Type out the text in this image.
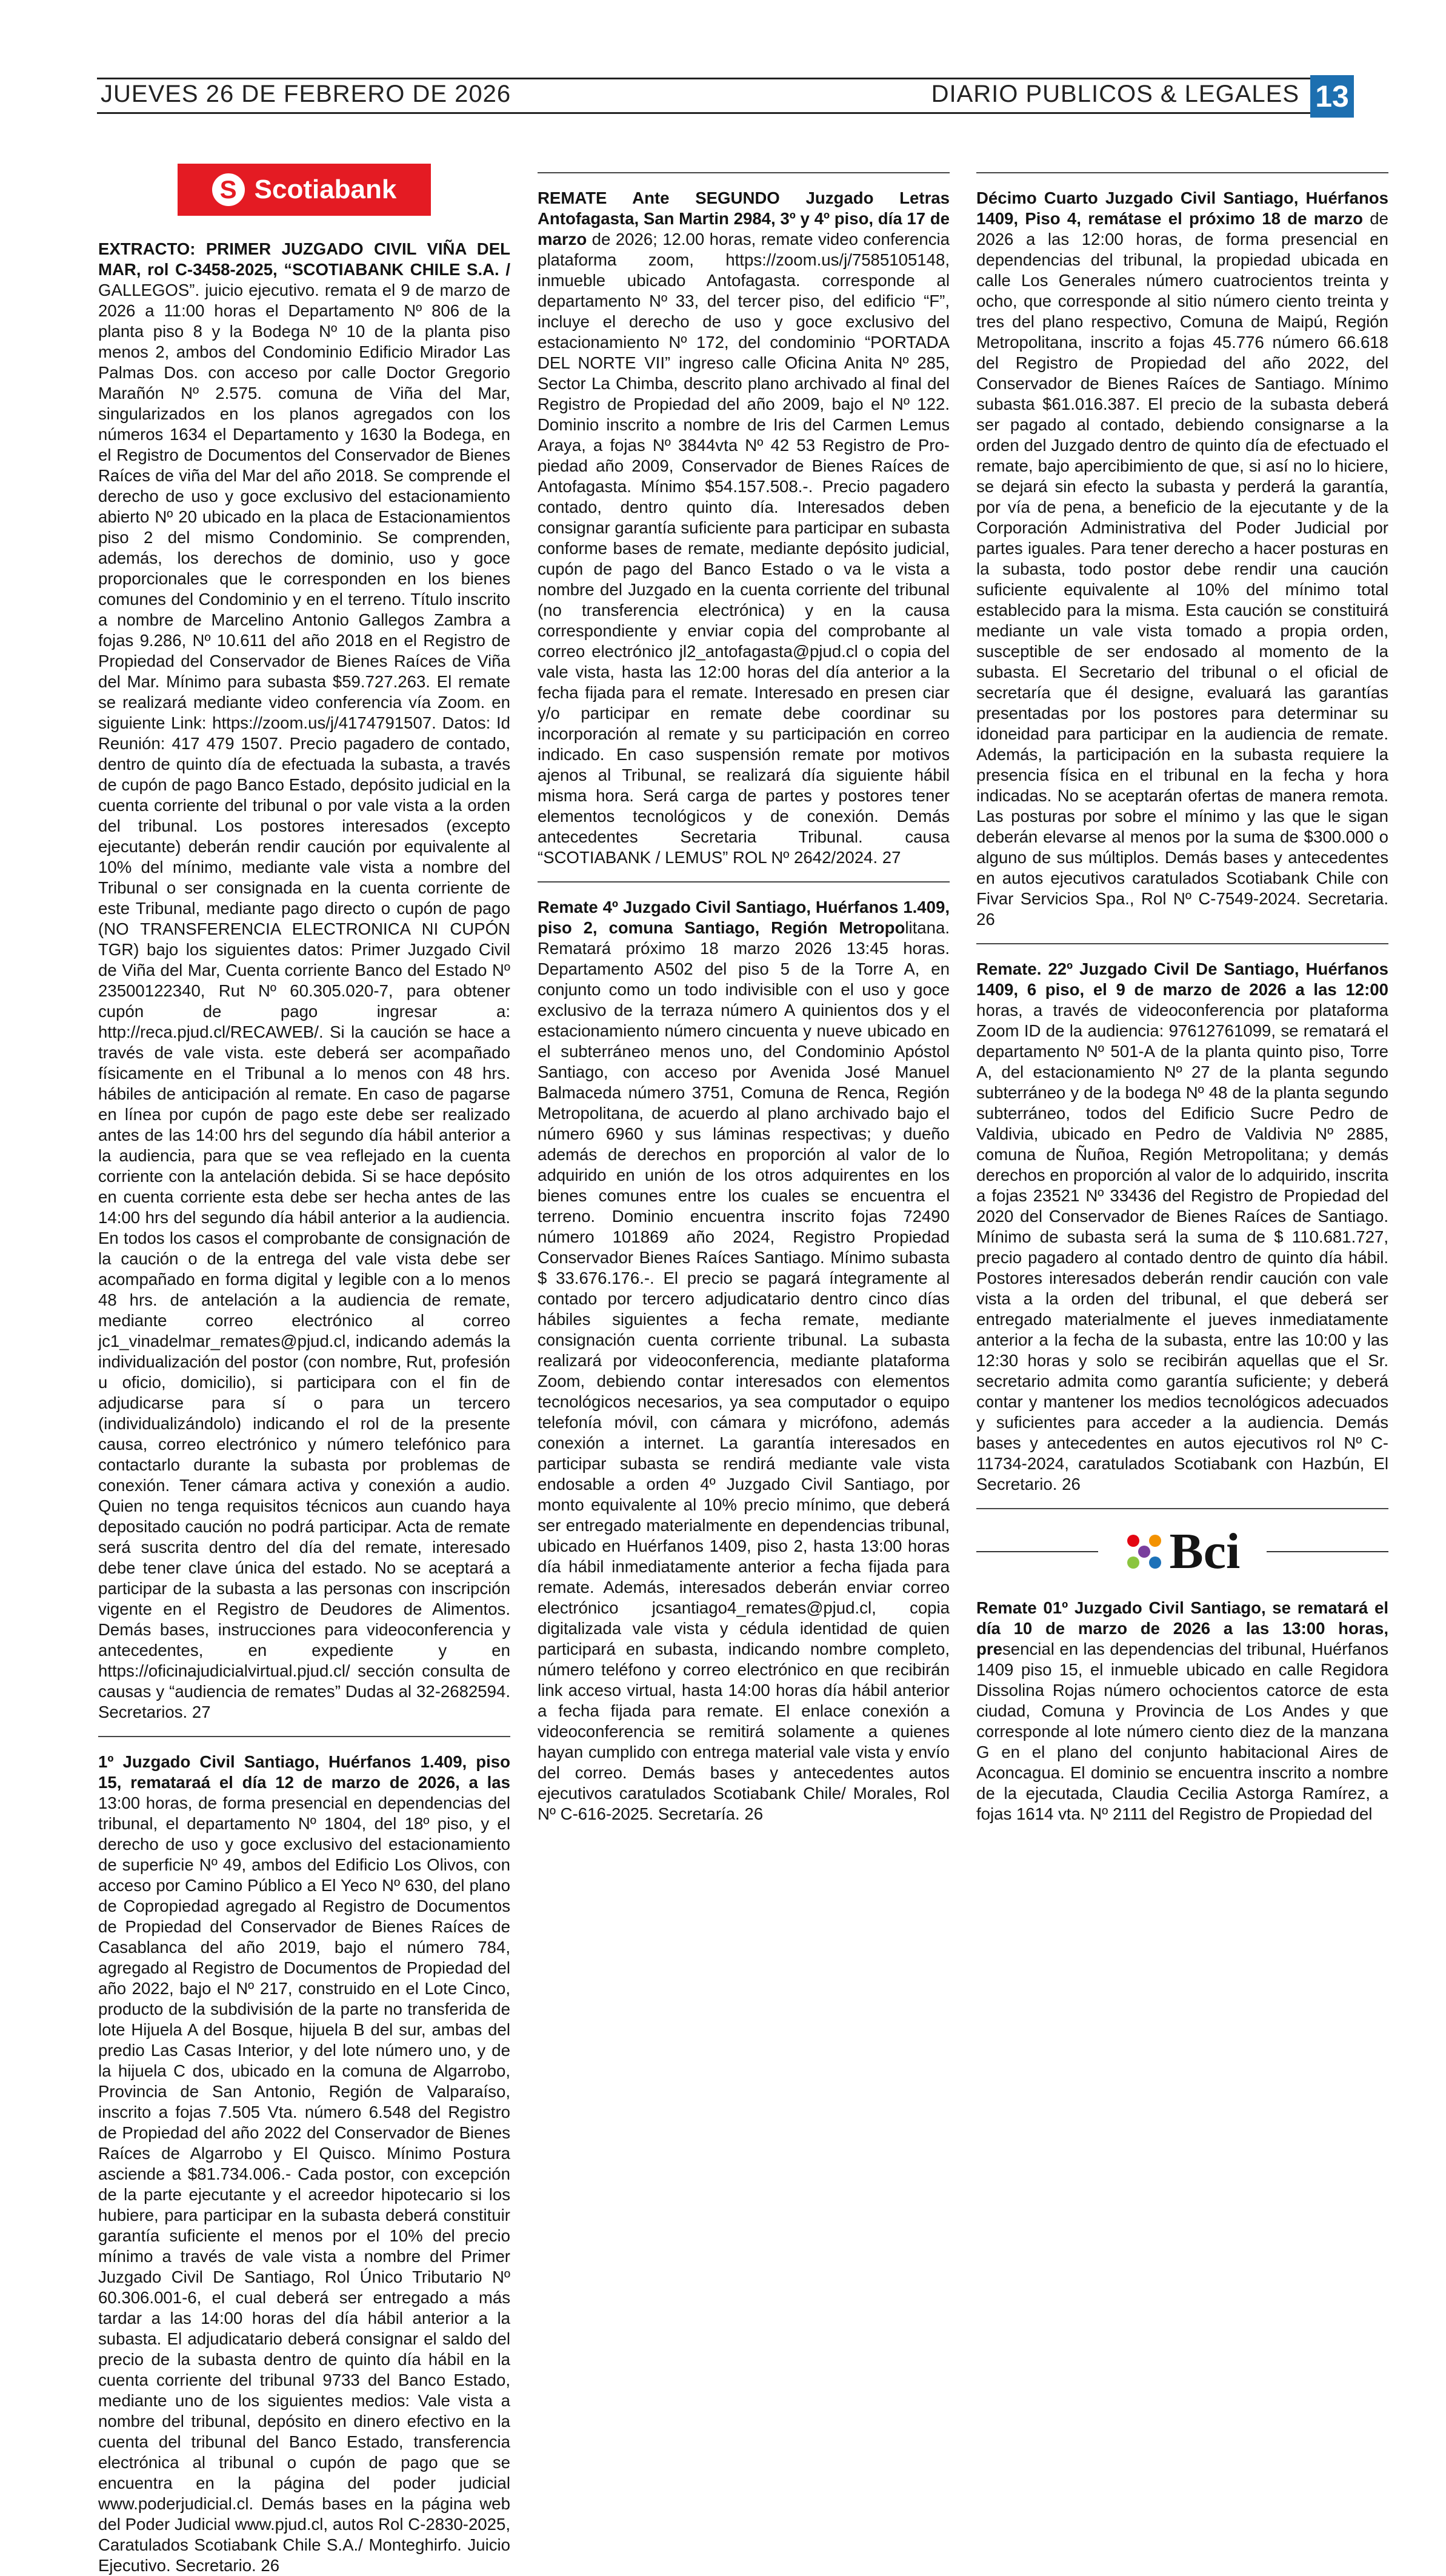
JUEVES 26 DE FEBRERO DE 2026	DIARIO PUBLICOS & LEGALES 13
S Scotiabank

EXTRACTO: PRIMER JUZGADO CIVIL VIÑA DEL MAR, rol C-3458-2025, “SCOTIABANK CHILE S.A. / GALLEGOS”. juicio ejecutivo. remata el 9 de marzo de 2026 a 11:00 horas el Departamento Nº 806 de la planta piso 8 y la Bodega Nº 10 de la planta piso menos 2, ambos del Condominio Edificio Mirador Las Palmas Dos. con acceso por calle Doctor Gregorio Marañón Nº 2.575. comuna de Viña del Mar, singularizados en los planos agregados con los números 1634 el Departamento y 1630 la Bodega, en el Registro de Documentos del Conservador de Bienes Raíces de viña del Mar del año 2018. Se comprende el derecho de uso y goce exclusivo del estacionamiento abierto Nº 20 ubicado en la placa de Estacionamientos piso 2 del mismo Condominio. Se comprenden, además, los derechos de dominio, uso y goce proporcionales que le corresponden en los bienes comunes del Condominio y en el terreno. Título inscrito a nombre de Marcelino Antonio Gallegos Zambra a fojas 9.286, Nº 10.611 del año 2018 en el Registro de Propiedad del Conservador de Bienes Raíces de Viña del Mar. Mínimo para subasta $59.727.263. El remate se realizará mediante video conferencia vía Zoom. en siguiente Link: https://zoom.us/j/4174791507. Datos: Id Reunión: 417 479 1507. Precio pagadero de contado, dentro de quinto día de efectuada la subasta, a través de cupón de pago Banco Estado, depósito judicial en la cuenta corriente del tribunal o por vale vista a la orden del tribunal. Los postores interesados (excepto ejecutante) deberán rendir caución por equivalente al 10% del mínimo, mediante vale vista a nombre del Tribunal o ser consignada en la cuenta corriente de este Tribunal, mediante pago directo o cupón de pago (NO TRANSFERENCIA ELECTRONICA NI CUPÓN TGR) bajo los siguientes datos: Primer Juzgado Civil de Viña del Mar, Cuenta corriente Banco del Estado Nº 23500122340, Rut Nº 60.305.020-7, para obtener cupón de pago ingresar a: http://reca.pjud.cl/RECAWEB/. Si la caución se hace a través de vale vista. este deberá ser acompañado físicamente en el Tribunal a lo menos con 48 hrs. hábiles de anticipación al remate. En caso de pagarse en línea por cupón de pago este debe ser realizado antes de las 14:00 hrs del segundo día hábil anterior a la audiencia, para que se vea reflejado en la cuenta corriente con la antelación debida. Si se hace depósito en cuenta corriente esta debe ser hecha antes de las 14:00 hrs del segundo día hábil anterior a la audiencia. En todos los casos el comprobante de consignación de la caución o de la entrega del vale vista debe ser acompañado en forma digital y legible con a lo menos 48 hrs. de antelación a la audiencia de remate, mediante correo electrónico al correo jc1_vinadelmar_remates@pjud.cl, indicando además la individualización del postor (con nombre, Rut, profesión u oficio, domicilio), si participara con el fin de adjudicarse para sí o para un tercero (individualizándolo) indicando el rol de la presente causa, correo electrónico y número telefónico para contactarlo durante la subasta por problemas de conexión. Tener cámara activa y conexión a audio. Quien no tenga requisitos técnicos aun cuando haya depositado caución no podrá participar. Acta de remate será suscrita dentro del día del remate, interesado debe tener clave única del estado. No se aceptará a participar de la subasta a las personas con inscripción vigente en el Registro de Deudores de Alimentos. Demás bases, instrucciones para videoconferencia y antecedentes, en expediente y en https://oficinajudicialvirtual.pjud.cl/ sección consulta de causas y “audiencia de remates” Dudas al 32-2682594. Secretarios. 27

1º Juzgado Civil Santiago, Huérfanos 1.409, piso 15, remataraá el día 12 de marzo de 2026, a las 13:00 horas, de forma presencial en dependencias del tribunal, el departamento Nº 1804, del 18º piso, y el derecho de uso y goce exclusivo del estacionamiento de superficie Nº 49, ambos del Edificio Los Olivos, con acceso por Camino Público a El Yeco Nº 630, del plano de Copropiedad agregado al Registro de Documentos de Propiedad del Conservador de Bienes Raíces de Casablanca del año 2019, bajo el número 784, agregado al Registro de Documentos de Propiedad del año 2022, bajo el Nº 217, construido en el Lote Cinco, producto de la subdivisión de la parte no transferida de lote Hijuela A del Bosque, hijuela B del sur, ambas del predio Las Casas Interior, y del lote número uno, y de la hijuela C dos, ubicado en la comuna de Algarrobo, Provincia de San Antonio, Región de Valparaíso, inscrito a fojas 7.505 Vta. número 6.548 del Registro de Propiedad del año 2022 del Conservador de Bienes Raíces de Algarrobo y El Quisco. Mínimo Postura asciende a $81.734.006.- Cada postor, con excepción de la parte ejecutante y el acreedor hipotecario si los hubiere, para participar en la subasta deberá constituir garantía suficiente el menos por el 10% del precio mínimo a través de vale vista a nombre del Primer Juzgado Civil De Santiago, Rol Único Tributario Nº 60.306.001-6, el cual deberá ser entregado a más tardar a las 14:00 horas del día hábil anterior a la subasta. El adjudicatario deberá consignar el saldo del precio de la subasta dentro de quinto día hábil en la cuenta corriente del tribunal 9733 del Banco Estado, mediante uno de los siguientes medios: Vale vista a nombre del tribunal, depósito en dinero efectivo en la cuenta del tribunal del Banco Estado, transferencia electrónica al tribunal o cupón de pago que se encuentra en la página del poder judicial www.poderjudicial.cl. Demás bases en la página web del Poder Judicial www.pjud.cl, autos Rol C-2830-2025, Caratulados Scotiabank Chile S.A./ Monteghirfo. Juicio Ejecutivo. Secretario. 26

REMATE Ante SEGUNDO Juzgado Letras Antofagasta, San Martin 2984, 3º y 4º piso, día 17 de marzo de 2026; 12.00 horas, remate video conferencia plataforma zoom, https://zoom.us/j/7585105148, inmueble ubicado Antofagasta. corresponde al departamento Nº 33, del tercer piso, del edificio “F”, incluye el derecho de uso y goce exclusivo del estacionamiento Nº 172, del condominio “PORTADA DEL NORTE VII” ingreso calle Oficina Anita Nº 285, Sector La Chimba, descrito plano archivado al final del Registro de Propiedad del año 2009, bajo el Nº 122. Dominio inscrito a nombre de Iris del Carmen Lemus Araya, a fojas Nº 3844vta Nº 42 53 Registro de Pro-piedad año 2009, Conservador de Bienes Raíces de Antofagasta. Mínimo $54.157.508.-. Precio pagadero contado, dentro quinto día. Interesados deben consignar garantía suficiente para participar en subasta conforme bases de remate, mediante depósito judicial, cupón de pago del Banco Estado o va le vista a nombre del Juzgado en la cuenta corriente del tribunal (no transferencia electrónica) y en la causa correspondiente y enviar copia del comprobante al correo electrónico jl2_antofagasta@pjud.cl o copia del vale vista, hasta las 12:00 horas del día anterior a la fecha fijada para el remate. Interesado en presen ciar y/o participar en remate debe coordinar su incorporación al remate y su participación en correo indicado. En caso suspensión remate por motivos ajenos al Tribunal, se realizará día siguiente hábil misma hora. Será carga de partes y postores tener elementos tecnológicos y de conexión. Demás antecedentes Secretaria Tribunal. causa “SCOTIABANK / LEMUS” ROL Nº 2642/2024. 27

Remate 4º Juzgado Civil Santiago, Huérfanos 1.409, piso 2, comuna Santiago, Región Metropolitana. Rematará próximo 18 marzo 2026 13:45 horas. Departamento A502 del piso 5 de la Torre A, en conjunto como un todo indivisible con el uso y goce exclusivo de la terraza número A quinientos dos y el estacionamiento número cincuenta y nueve ubicado en el subterráneo menos uno, del Condominio Apóstol Santiago, con acceso por Avenida José Manuel Balmaceda número 3751, Comuna de Renca, Región Metropolitana, de acuerdo al plano archivado bajo el número 6960 y sus láminas respectivas; y dueño además de derechos en proporción al valor de lo adquirido en unión de los otros adquirentes en los bienes comunes entre los cuales se encuentra el terreno. Dominio encuentra inscrito fojas 72490 número 101869 año 2024, Registro Propiedad Conservador Bienes Raíces Santiago. Mínimo subasta $ 33.676.176.-. El precio se pagará íntegramente al contado por tercero adjudicatario dentro cinco días hábiles siguientes a fecha remate, mediante consignación cuenta corriente tribunal. La subasta realizará por videoconferencia, mediante plataforma Zoom, debiendo contar interesados con elementos tecnológicos necesarios, ya sea computador o equipo telefonía móvil, con cámara y micrófono, además conexión a internet. La garantía interesados en participar subasta se rendirá mediante vale vista endosable a orden 4º Juzgado Civil Santiago, por monto equivalente al 10% precio mínimo, que deberá ser entregado materialmente en dependencias tribunal, ubicado en Huérfanos 1409, piso 2, hasta 13:00 horas día hábil inmediatamente anterior a fecha fijada para remate. Además, interesados deberán enviar correo electrónico jcsantiago4_remates@pjud.cl, copia digitalizada vale vista y cédula identidad de quien participará en subasta, indicando nombre completo, número teléfono y correo electrónico en que recibirán link acceso virtual, hasta 14:00 horas día hábil anterior a fecha fijada para remate. El enlace conexión a videoconferencia se remitirá solamente a quienes hayan cumplido con entrega material vale vista y envío del correo. Demás bases y antecedentes autos ejecutivos caratulados Scotiabank Chile/ Morales, Rol Nº C-616-2025. Secretaría. 26

Décimo Cuarto Juzgado Civil Santiago, Huérfanos 1409, Piso 4, remátase el próximo 18 de marzo de 2026 a las 12:00 horas, de forma presencial en dependencias del tribunal, la propiedad ubicada en calle Los Generales número cuatrocientos treinta y ocho, que corresponde al sitio número ciento treinta y tres del plano respectivo, Comuna de Maipú, Región Metropolitana, inscrito a fojas 45.776 número 66.618 del Registro de Propiedad del año 2022, del Conservador de Bienes Raíces de Santiago. Mínimo subasta $61.016.387. El precio de la subasta deberá ser pagado al contado, debiendo consignarse a la orden del Juzgado dentro de quinto día de efectuado el remate, bajo apercibimiento de que, si así no lo hiciere, se dejará sin efecto la subasta y perderá la garantía, por vía de pena, a beneficio de la ejecutante y de la Corporación Administrativa del Poder Judicial por partes iguales. Para tener derecho a hacer posturas en la subasta, todo postor debe rendir una caución suficiente equivalente al 10% del mínimo total establecido para la misma. Esta caución se constituirá mediante un vale vista tomado a propia orden, susceptible de ser endosado al momento de la subasta. El Secretario del tribunal o el oficial de secretaría que él designe, evaluará las garantías presentadas por los postores para determinar su idoneidad para participar en la audiencia de remate. Además, la participación en la subasta requiere la presencia física en el tribunal en la fecha y hora indicadas. No se aceptarán ofertas de manera remota. Las posturas por sobre el mínimo y las que le sigan deberán elevarse al menos por la suma de $300.000 o alguno de sus múltiplos. Demás bases y antecedentes en autos ejecutivos caratulados Scotiabank Chile con Fivar Servicios Spa., Rol Nº C-7549-2024. Secretaria. 26

Remate. 22º Juzgado Civil De Santiago, Huérfanos 1409, 6 piso, el 9 de marzo de 2026 a las 12:00 horas, a través de videoconferencia por plataforma Zoom ID de la audiencia: 97612761099, se rematará el departamento Nº 501-A de la planta quinto piso, Torre A, del estacionamiento Nº 27 de la planta segundo subterráneo y de la bodega Nº 48 de la planta segundo subterráneo, todos del Edificio Sucre Pedro de Valdivia, ubicado en Pedro de Valdivia Nº 2885, comuna de Ñuñoa, Región Metropolitana; y demás derechos en proporción al valor de lo adquirido, inscrita a fojas 23521 Nº 33436 del Registro de Propiedad del 2020 del Conservador de Bienes Raíces de Santiago. Mínimo de subasta será la suma de $ 110.681.727, precio pagadero al contado dentro de quinto día hábil. Postores interesados deberán rendir caución con vale vista a la orden del tribunal, el que deberá ser entregado materialmente el jueves inmediatamente anterior a la fecha de la subasta, entre las 10:00 y las 12:30 horas y solo se recibirán aquellas que el Sr. secretario admita como garantía suficiente; y deberá contar y mantener los medios tecnológicos adecuados y suficientes para acceder a la audiencia. Demás bases y antecedentes en autos ejecutivos rol Nº C-11734-2024, caratulados Scotiabank con Hazbún, El Secretario. 26

Bci

Remate 01º Juzgado Civil Santiago, se rematará el día 10 de marzo de 2026 a las 13:00 horas, presencial en las dependencias del tribunal, Huérfanos 1409 piso 15, el inmueble ubicado en calle Regidora Dissolina Rojas número ochocientos catorce de esta ciudad, Comuna y Provincia de Los Andes y que corresponde al lote número ciento diez de la manzana G en el plano del conjunto habitacional Aires de Aconcagua. El dominio se encuentra inscrito a nombre de la ejecutada, Claudia Cecilia Astorga Ramírez, a fojas 1614 vta. Nº 2111 del Registro de Propiedad del
